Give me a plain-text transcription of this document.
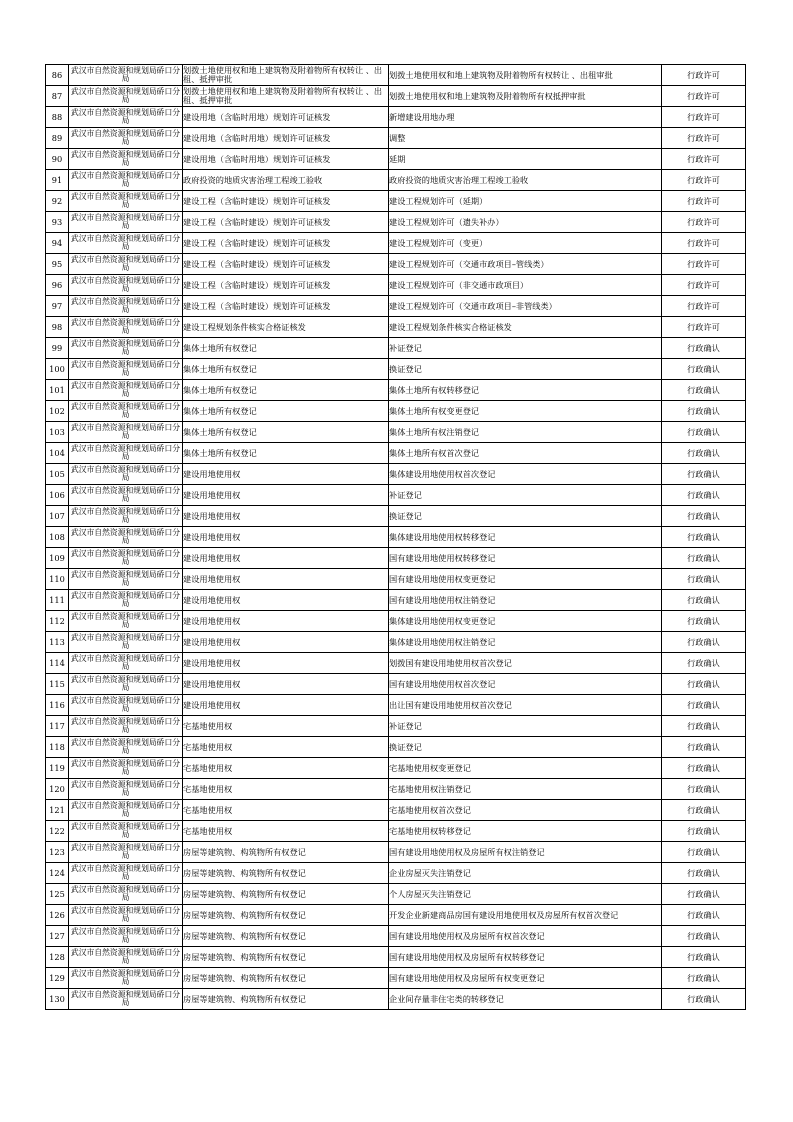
86	武汉市自然资源和规划局硚口分局	划拨土地使用权和地上建筑物及附着物所有权转让 、出租、抵押审批	划拨土地使用权和地上建筑物及附着物所有权转让 、出租审批	行政许可
87	武汉市自然资源和规划局硚口分局	划拨土地使用权和地上建筑物及附着物所有权转让 、出租、抵押审批	划拨土地使用权和地上建筑物及附着物所有权抵押审批	行政许可
88	武汉市自然资源和规划局硚口分局	建设用地（含临时用地）规划许可证核发	新增建设用地办理	行政许可
89	武汉市自然资源和规划局硚口分局	建设用地（含临时用地）规划许可证核发	调整	行政许可
90	武汉市自然资源和规划局硚口分局	建设用地（含临时用地）规划许可证核发	延期	行政许可
91	武汉市自然资源和规划局硚口分局	政府投资的地质灾害治理工程竣工验收	政府投资的地质灾害治理工程竣工验收	行政许可
92	武汉市自然资源和规划局硚口分局	建设工程（含临时建设）规划许可证核发	建设工程规划许可（延期）	行政许可
93	武汉市自然资源和规划局硚口分局	建设工程（含临时建设）规划许可证核发	建设工程规划许可（遗失补办）	行政许可
94	武汉市自然资源和规划局硚口分局	建设工程（含临时建设）规划许可证核发	建设工程规划许可（变更）	行政许可
95	武汉市自然资源和规划局硚口分局	建设工程（含临时建设）规划许可证核发	建设工程规划许可（交通市政项目–管线类）	行政许可
96	武汉市自然资源和规划局硚口分局	建设工程（含临时建设）规划许可证核发	建设工程规划许可（非交通市政项目）	行政许可
97	武汉市自然资源和规划局硚口分局	建设工程（含临时建设）规划许可证核发	建设工程规划许可（交通市政项目–非管线类）	行政许可
98	武汉市自然资源和规划局硚口分局	建设工程规划条件核实合格证核发	建设工程规划条件核实合格证核发	行政许可
99	武汉市自然资源和规划局硚口分局	集体土地所有权登记	补证登记	行政确认
100	武汉市自然资源和规划局硚口分局	集体土地所有权登记	换证登记	行政确认
101	武汉市自然资源和规划局硚口分局	集体土地所有权登记	集体土地所有权转移登记	行政确认
102	武汉市自然资源和规划局硚口分局	集体土地所有权登记	集体土地所有权变更登记	行政确认
103	武汉市自然资源和规划局硚口分局	集体土地所有权登记	集体土地所有权注销登记	行政确认
104	武汉市自然资源和规划局硚口分局	集体土地所有权登记	集体土地所有权首次登记	行政确认
105	武汉市自然资源和规划局硚口分局	建设用地使用权	集体建设用地使用权首次登记	行政确认
106	武汉市自然资源和规划局硚口分局	建设用地使用权	补证登记	行政确认
107	武汉市自然资源和规划局硚口分局	建设用地使用权	换证登记	行政确认
108	武汉市自然资源和规划局硚口分局	建设用地使用权	集体建设用地使用权转移登记	行政确认
109	武汉市自然资源和规划局硚口分局	建设用地使用权	国有建设用地使用权转移登记	行政确认
110	武汉市自然资源和规划局硚口分局	建设用地使用权	国有建设用地使用权变更登记	行政确认
111	武汉市自然资源和规划局硚口分局	建设用地使用权	国有建设用地使用权注销登记	行政确认
112	武汉市自然资源和规划局硚口分局	建设用地使用权	集体建设用地使用权变更登记	行政确认
113	武汉市自然资源和规划局硚口分局	建设用地使用权	集体建设用地使用权注销登记	行政确认
114	武汉市自然资源和规划局硚口分局	建设用地使用权	划拨国有建设用地使用权首次登记	行政确认
115	武汉市自然资源和规划局硚口分局	建设用地使用权	国有建设用地使用权首次登记	行政确认
116	武汉市自然资源和规划局硚口分局	建设用地使用权	出让国有建设用地使用权首次登记	行政确认
117	武汉市自然资源和规划局硚口分局	宅基地使用权	补证登记	行政确认
118	武汉市自然资源和规划局硚口分局	宅基地使用权	换证登记	行政确认
119	武汉市自然资源和规划局硚口分局	宅基地使用权	宅基地使用权变更登记	行政确认
120	武汉市自然资源和规划局硚口分局	宅基地使用权	宅基地使用权注销登记	行政确认
121	武汉市自然资源和规划局硚口分局	宅基地使用权	宅基地使用权首次登记	行政确认
122	武汉市自然资源和规划局硚口分局	宅基地使用权	宅基地使用权转移登记	行政确认
123	武汉市自然资源和规划局硚口分局	房屋等建筑物、构筑物所有权登记	国有建设用地使用权及房屋所有权注销登记	行政确认
124	武汉市自然资源和规划局硚口分局	房屋等建筑物、构筑物所有权登记	企业房屋灭失注销登记	行政确认
125	武汉市自然资源和规划局硚口分局	房屋等建筑物、构筑物所有权登记	个人房屋灭失注销登记	行政确认
126	武汉市自然资源和规划局硚口分局	房屋等建筑物、构筑物所有权登记	开发企业新建商品房国有建设用地使用权及房屋所有权首次登记	行政确认
127	武汉市自然资源和规划局硚口分局	房屋等建筑物、构筑物所有权登记	国有建设用地使用权及房屋所有权首次登记	行政确认
128	武汉市自然资源和规划局硚口分局	房屋等建筑物、构筑物所有权登记	国有建设用地使用权及房屋所有权转移登记	行政确认
129	武汉市自然资源和规划局硚口分局	房屋等建筑物、构筑物所有权登记	国有建设用地使用权及房屋所有权变更登记	行政确认
130	武汉市自然资源和规划局硚口分局	房屋等建筑物、构筑物所有权登记	企业间存量非住宅类的转移登记	行政确认
